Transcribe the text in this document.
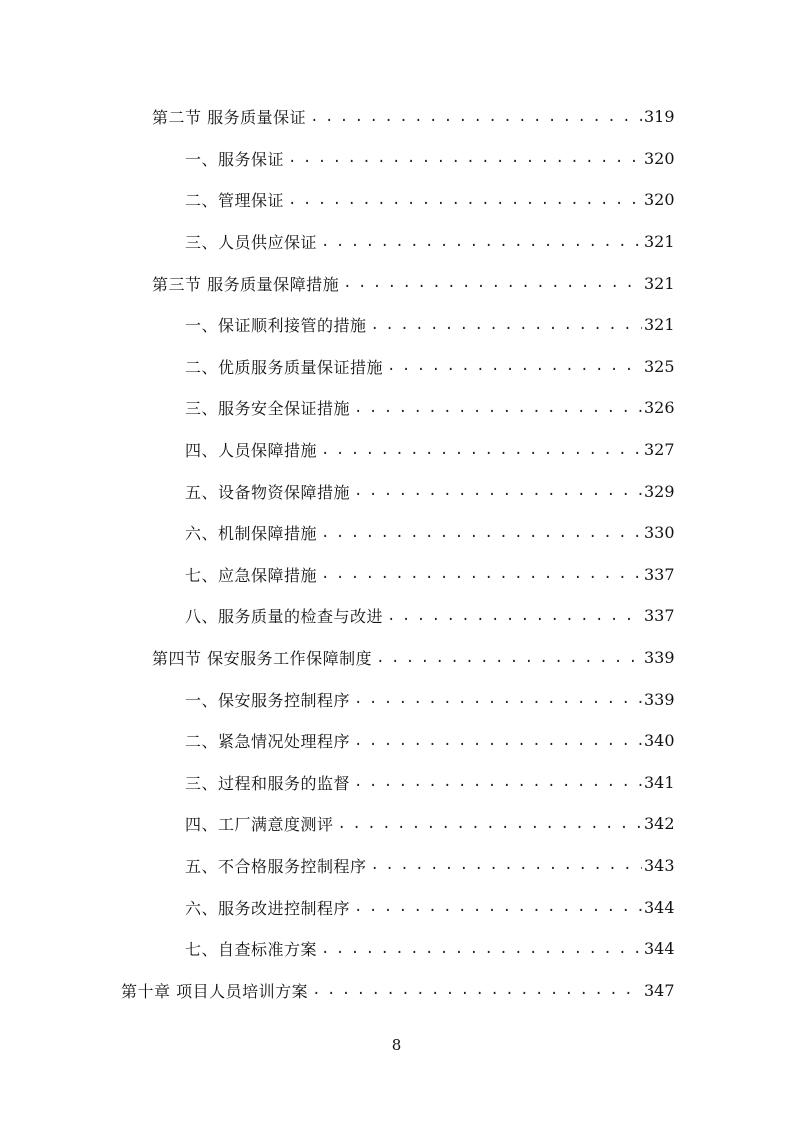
第二节 服务质量保证 . . .	319
一、服务保证 . . .	320
二、管理保证 . . .	320
三、人员供应保证 . . .	321
第三节 服务质量保障措施 . . .	321
一、保证顺利接管的措施 . . .	321
二、优质服务质量保证措施 . . .	325
三、服务安全保证措施 . . .	326
四、人员保障措施 . . .	327
五、设备物资保障措施 . . .	329
六、机制保障措施 . . .	330
七、应急保障措施 . . .	337
八、服务质量的检查与改进 . . .	337
第四节 保安服务工作保障制度 . . .	339
一、保安服务控制程序 . . .	339
二、紧急情况处理程序 . . .	340
三、过程和服务的监督 . . .	341
四、工厂满意度测评 . . .	342
五、不合格服务控制程序 . . .	343
六、服务改进控制程序 . . .	344
七、自查标准方案 . . .	344
第十章 项目人员培训方案 . . .	347
8
